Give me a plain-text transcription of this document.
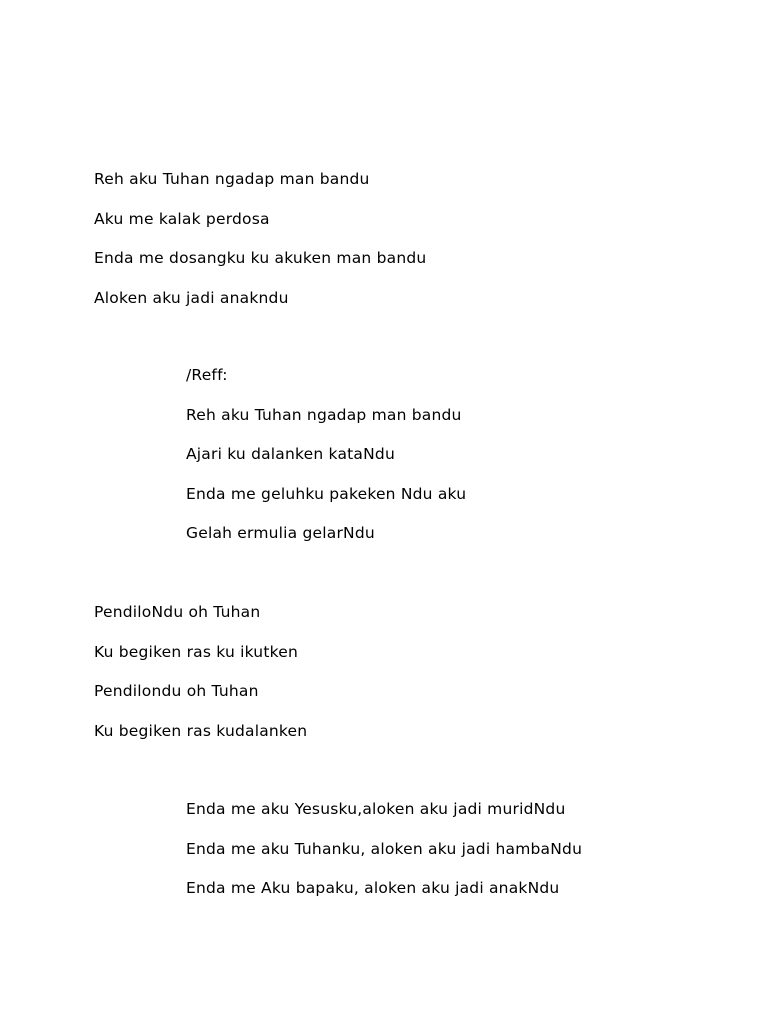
Reh aku Tuhan ngadap man bandu
Aku me kalak perdosa
Enda me dosangku ku akuken man bandu
Aloken aku jadi anakndu
/Reff:
Reh aku Tuhan ngadap man bandu
Ajari ku dalanken kataNdu
Enda me geluhku pakeken Ndu aku
Gelah ermulia gelarNdu
PendiloNdu oh Tuhan
Ku begiken ras ku ikutken
Pendilondu oh Tuhan
Ku begiken ras kudalanken
Enda me aku Yesusku,aloken aku jadi muridNdu
Enda me aku Tuhanku, aloken aku jadi hambaNdu
Enda me Aku bapaku, aloken aku jadi anakNdu
